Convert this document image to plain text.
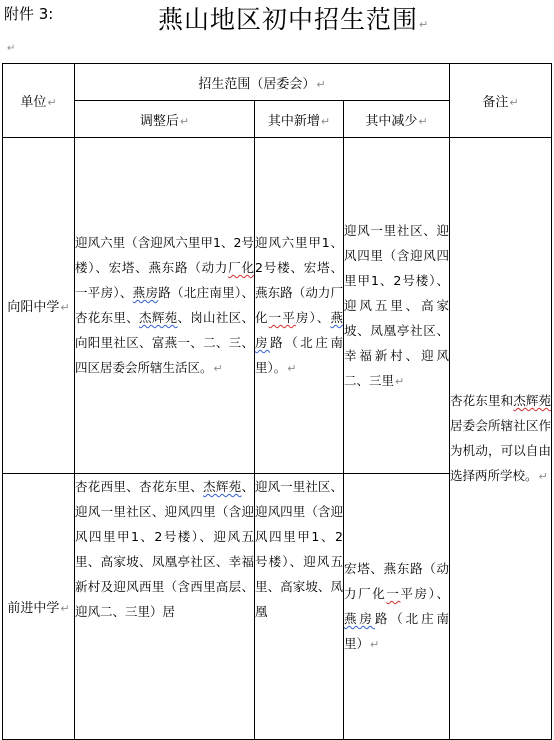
附件 3:	燕山地区初中招生范围↵
↵
单位↵	招生范围（居委会）↵			备注↵
	调整后↵	其中新增↵	其中减少↵	
向阳中学↵	迎风六里（含迎风六里甲1、2号楼）、宏塔、燕东路（动力厂化一平房）、燕房路（北庄南里）、杏花东里、杰辉苑、岗山社区、向阳里社区、富燕一、二、三、四区居委会所辖生活区。↵	迎风六里甲1、2号楼、宏塔、燕东路（动力厂化一平房）、燕房路（北庄南里）。↵	迎风一里社区、迎风四里（含迎风四里甲1、2号楼）、迎风五里、高家坡、凤凰亭社区、幸福新村、迎风二、三里↵	杏花东里和杰辉苑居委会所辖社区作为机动，可以自由选择两所学校。↵
前进中学↵	杏花西里、杏花东里、杰辉苑、迎风一里社区、迎风四里（含迎风四里甲1、2号楼）、迎风五里、高家坡、凤凰亭社区、幸福新村及迎风西里（含西里高层、迎风二、三里）居	迎风一里社区、迎风四里（含迎风四里甲1、2号楼）、迎风五里、高家坡、凤凰	宏塔、燕东路（动力厂化一平房）、燕房路（北庄南里）↵	
